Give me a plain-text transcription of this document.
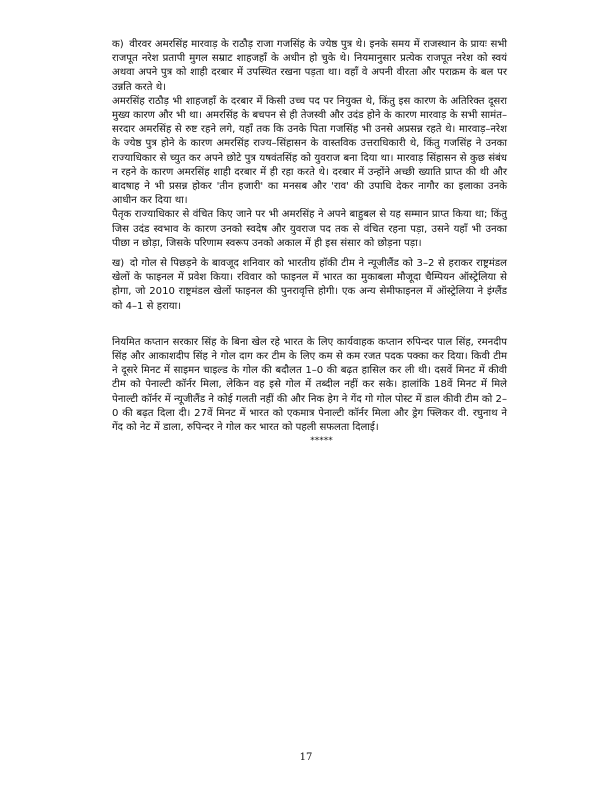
क) वीरवर अमरसिंह मारवाड़ के राठौड़ राजा गजसिंह के ज्येष्ठ पुत्र थे। इनके समय में राजस्थान के प्रायः सभी राजपूत नरेश प्रतापी मुगल सम्राट शाहजहाँ के अधीन हो चुके थे। नियमानुसार प्रत्येक राजपूत नरेश को स्वयं अथवा अपने पुत्र को शाही दरबार में उपस्थित रखना पड़ता था। वहाँ वे अपनी वीरता और पराक्रम के बल पर उन्नति करते थे।

अमरसिंह राठौड़ भी शाहजहाँ के दरबार में किसी उच्च पद पर नियुक्त थे, किंतु इस कारण के अतिरिक्त दूसरा मुख्य कारण और भी था। अमरसिंह के बचपन से ही तेजस्वी और उदंड होने के कारण मारवाड़ के सभी सामंत–सरदार अमरसिंह से रुष्ट रहने लगे, यहाँ तक कि उनके पिता गजसिंह भी उनसे अप्रसन्न रहते थे। मारवाड़–नरेश के ज्येष्ठ पुत्र होने के कारण अमरसिंह राज्य–सिंहासन के वास्तविक उत्तराधिकारी थे, किंतु गजसिंह ने उनका राज्याधिकार से च्युत कर अपने छोटे पुत्र यषवंतसिंह को युवराज बना दिया था। मारवाड़ सिंहासन से कुछ संबंध न रहने के कारण अमरसिंह शाही दरबार में ही रहा करते थे। दरबार में उन्होंने अच्छी ख्याति प्राप्त की थी और बादषाह ने भी प्रसन्न होकर 'तीन हजारी' का मनसब और 'राव' की उपाधि देकर नागौर का इलाका उनके आधीन कर दिया था।

पैतृक राज्याधिकार से वंचित किए जाने पर भी अमरसिंह ने अपने बाहुबल से यह सम्मान प्राप्त किया था; किंतु जिस उदंड स्वभाव के कारण उनको स्वदेष और युवराज पद तक से वंचित रहना पड़ा, उसने यहाँ भी उनका पीछा न छोड़ा, जिसके परिणाम स्वरूप उनको अकाल में ही इस संसार को छोड़ना पड़ा।

ख) दो गोल से पिछड़ने के बावजूद शनिवार को भारतीय हॉकी टीम ने न्यूजीलैंड को 3–2 से हराकर राष्ट्रमंडल खेलों के फाइनल में प्रवेश किया। रविवार को फाइनल में भारत का मुकाबला मौजूदा चैम्पियन ऑस्ट्रेलिया से होगा, जो 2010 राष्ट्रमंडल खेलों फाइनल की पुनरावृत्ति होगी। एक अन्य सेमीफाइनल में ऑस्ट्रेलिया ने इंग्लैंड को 4–1 से हराया।

नियमित कप्तान सरकार सिंह के बिना खेल रहे भारत के लिए कार्यवाहक कप्तान रुपिन्दर पाल सिंह, रमनदीप सिंह और आकाशदीप सिंह ने गोल दाग कर टीम के लिए कम से कम रजत पदक पक्का कर दिया। किवी टीम ने दूसरे मिनट में साइमन चाइल्ड के गोल की बदौलत 1–0 की बढ़त हासिल कर ली थी। दसवें मिनट में कीवी टीम को पेनाल्टी कॉर्नर मिला, लेकिन वह इसे गोल में तब्दील नहीं कर सके। हालांकि 18वें मिनट में मिले पेनाल्टी कॉर्नर में न्यूजीलैंड ने कोई गलती नहीं की और निक हेग ने गेंद गो गोल पोस्ट में डाल कीवी टीम को 2–0 की बढ़त दिला दी। 27वें मिनट में भारत को एकमात्र पेनाल्टी कॉर्नर मिला और ड्रेग फ्लिकर वी. रघुनाथ ने गेंद को नेट में डाला, रुपिन्दर ने गोल कर भारत को पहली सफलता दिलाई।

*****
17
